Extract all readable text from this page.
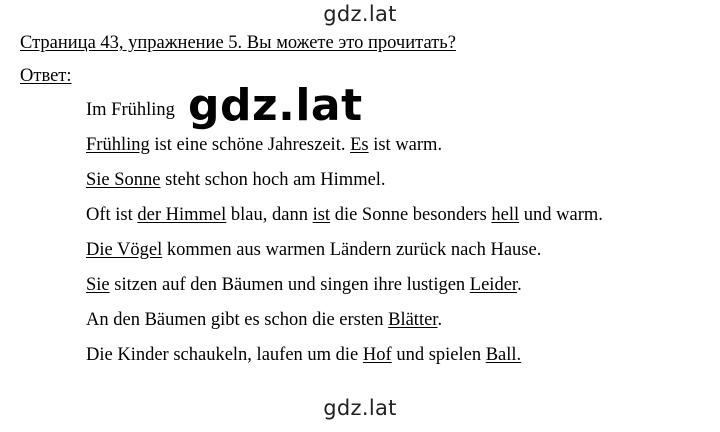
gdz.lat
Страница 43, упражнение 5. Вы можете это прочитать?
Ответ:
Im Frühling
Frühling ist eine schöne Jahreszeit. Es ist warm.
Sie Sonne steht schon hoch am Himmel.
Oft ist der Himmel blau, dann ist die Sonne besonders hell und warm.
Die Vögel kommen aus warmen Ländern zurück nach Hause.
Sie sitzen auf den Bäumen und singen ihre lustigen Leider.
An den Bäumen gibt es schon die ersten Blätter.
Die Kinder schaukeln, laufen um die Hof und spielen Ball.
gdz.lat
gdz.lat
